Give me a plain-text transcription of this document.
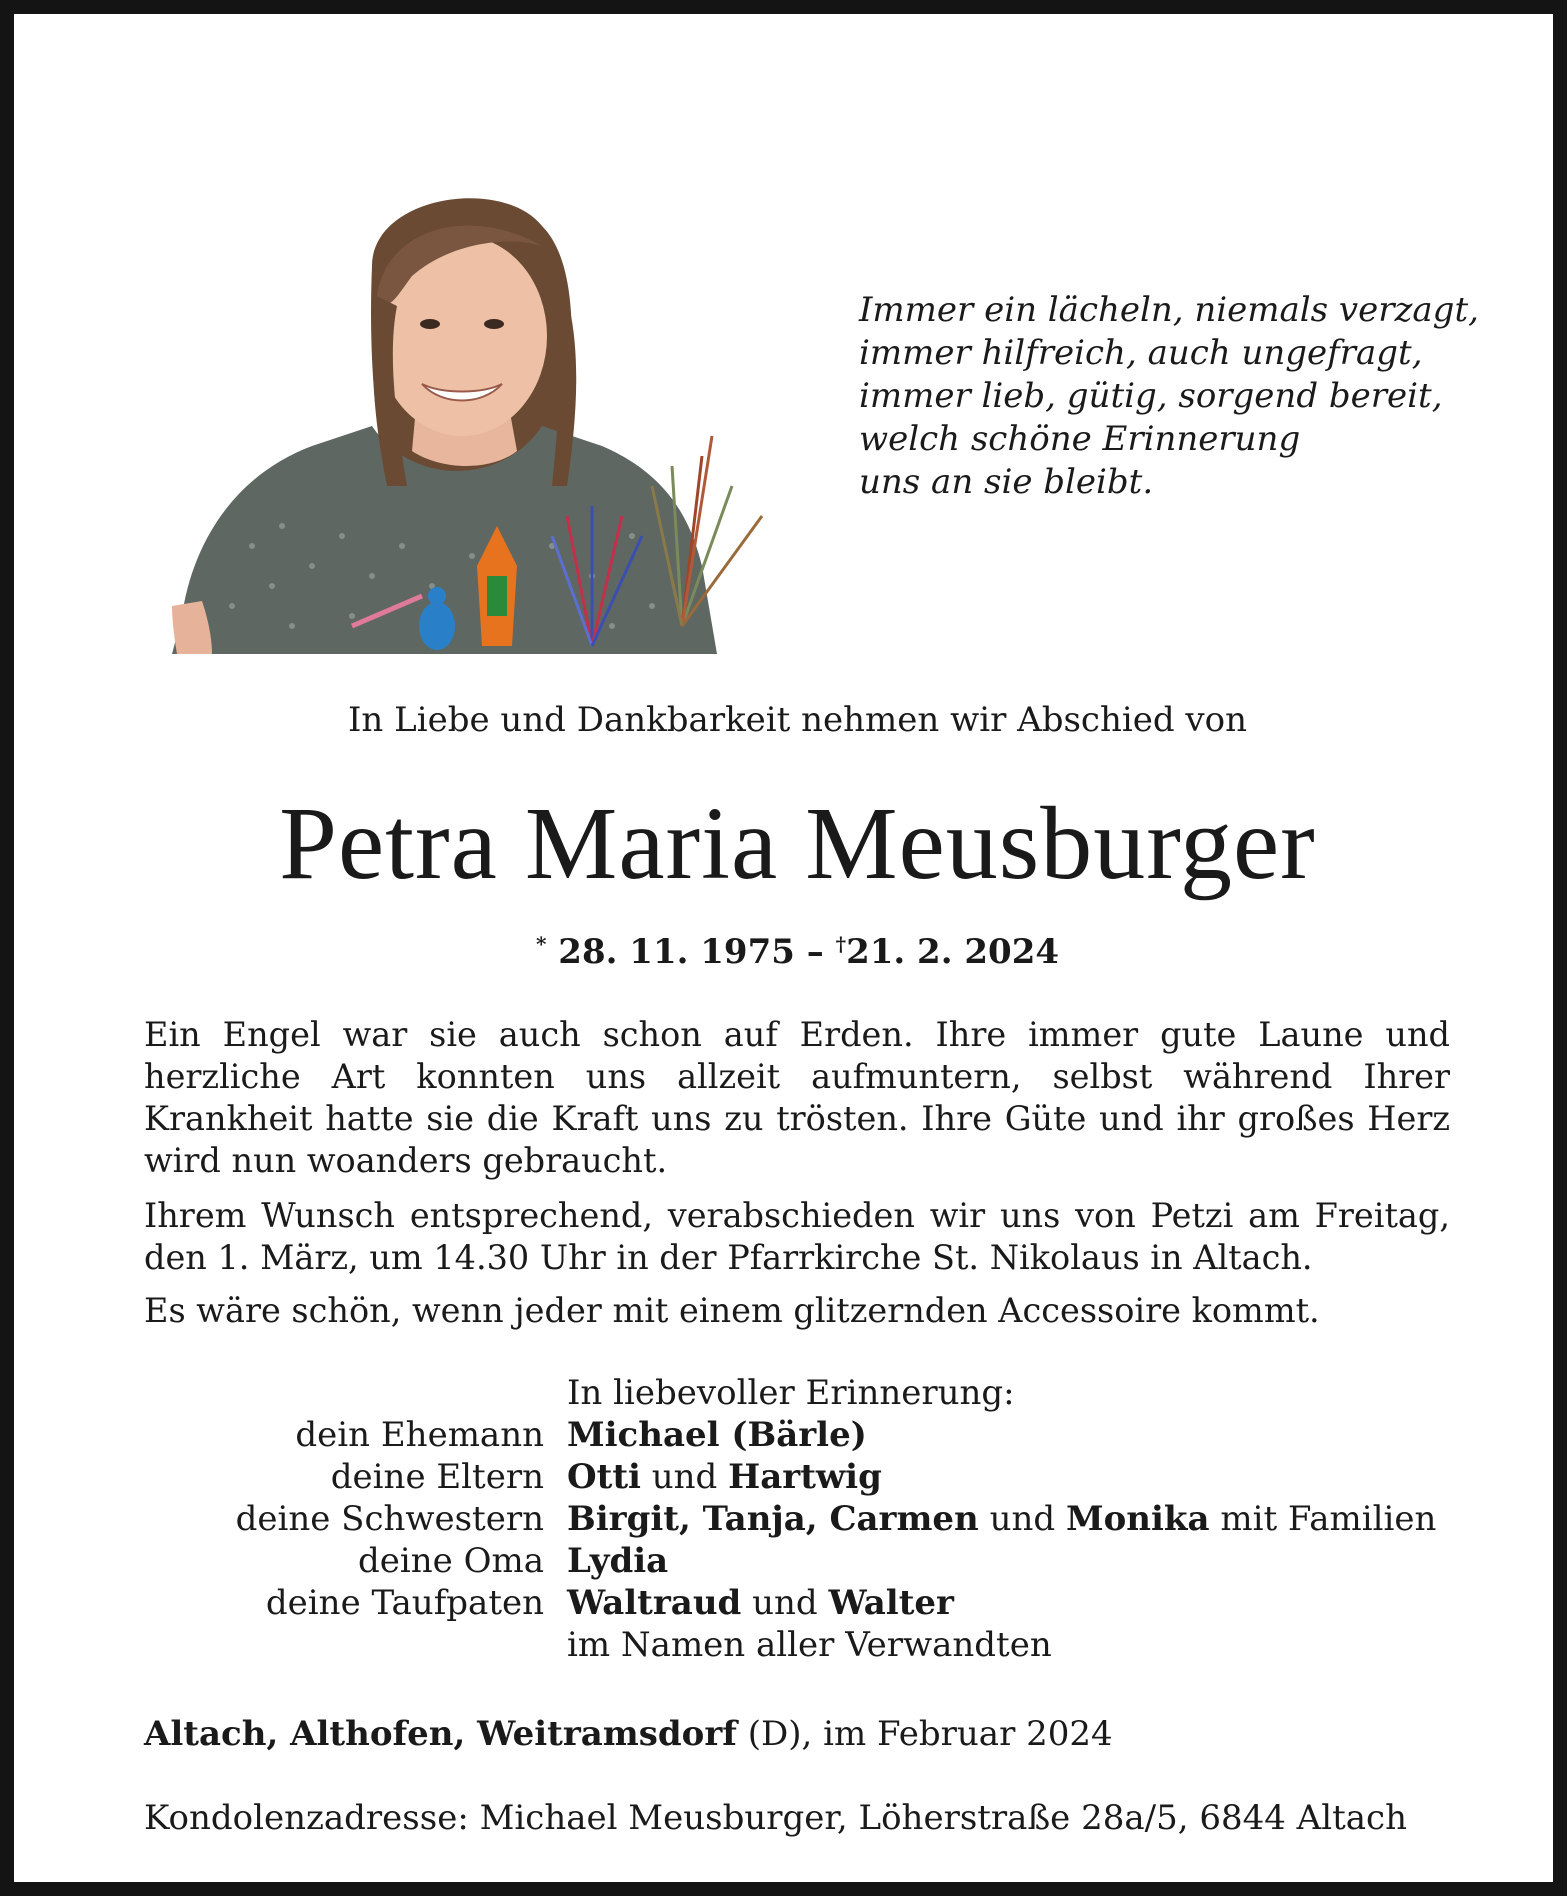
Immer ein lächeln, niemals verzagt,
immer hilfreich, auch ungefragt,
immer lieb, gütig, sorgend bereit,
welch schöne Erinnerung
uns an sie bleibt.
In Liebe und Dankbarkeit nehmen wir Abschied von
Petra Maria Meusburger
* 28. 11. 1975 – †21. 2. 2024
Ein Engel war sie auch schon auf Erden. Ihre immer gute Laune und herzliche Art konnten uns allzeit aufmuntern, selbst während Ihrer Krankheit hatte sie die Kraft uns zu trösten. Ihre Güte und ihr großes Herz wird nun woanders gebraucht.
Ihrem Wunsch entsprechend, verabschieden wir uns von Petzi am Freitag, den 1. März, um 14.30 Uhr in der Pfarrkirche St. Nikolaus in Altach.
Es wäre schön, wenn jeder mit einem glitzernden Accessoire kommt.
In liebevoller Erinnerung:
dein Ehemann Michael (Bärle)
deine Eltern Otti und Hartwig
deine Schwestern Birgit, Tanja, Carmen und Monika mit Familien
deine Oma Lydia
deine Taufpaten Waltraud und Walter
im Namen aller Verwandten
Altach, Althofen, Weitramsdorf (D), im Februar 2024
Kondolenzadresse: Michael Meusburger, Löherstraße 28a/5, 6844 Altach
